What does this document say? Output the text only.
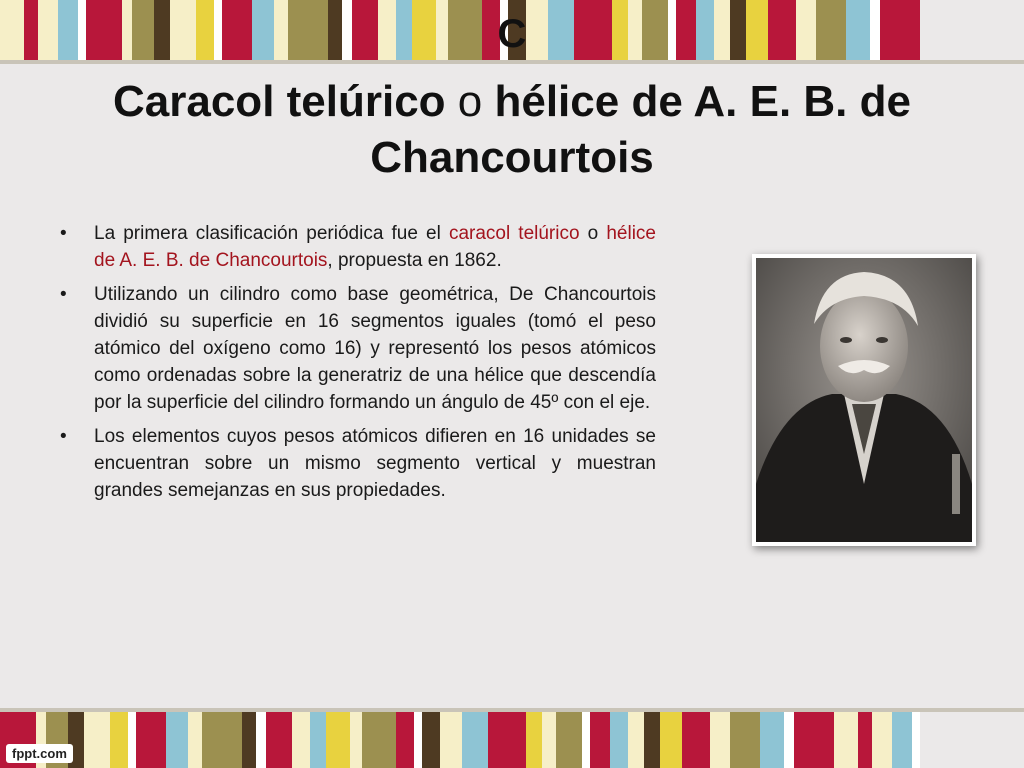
C
Caracol telúrico o hélice de A. E. B. de Chancourtois
• La primera clasificación periódica fue el caracol telúrico o hélice de A. E. B. de Chancourtois, propuesta en 1862.
• Utilizando un cilindro como base geométrica, De Chancourtois dividió su superficie en 16 segmentos iguales (tomó el peso atómico del oxígeno como 16) y representó los pesos atómicos como ordenadas sobre la generatriz de una hélice que descendía por la superficie del cilindro formando un ángulo de 45º con el eje.
• Los elementos cuyos pesos atómicos difieren en 16 unidades se encuentran sobre un mismo segmento vertical y muestran grandes semejanzas en sus propiedades.
fppt.com
